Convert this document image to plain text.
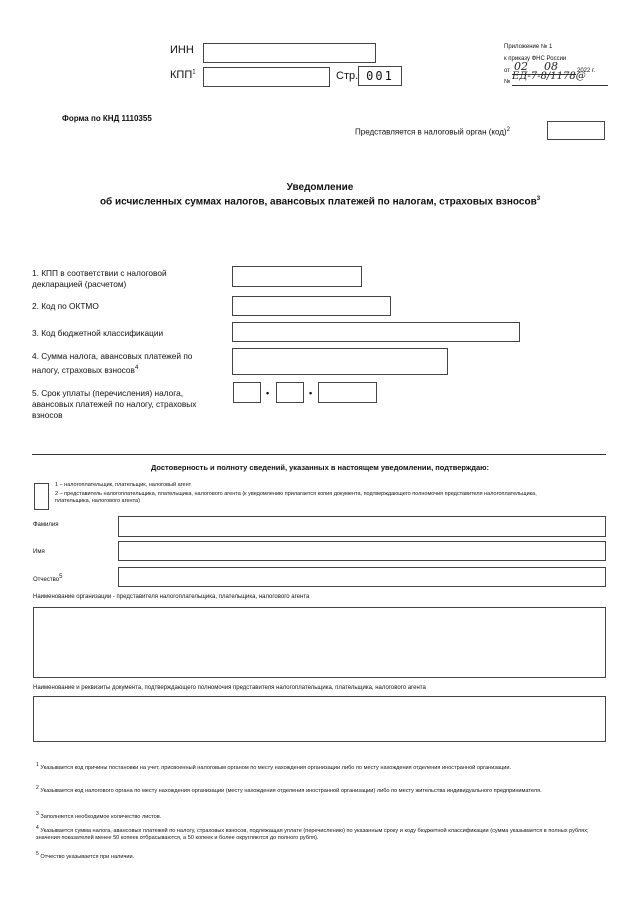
ИНН
КПП$^1$	Стр. 001
Приложение № 1
к приказу ФНС России
от 02 08	2022 г.
№ ЕД-7-8/1178@
Форма по КНД 1110355
Представляется в налоговый орган (код)$^2$
Уведомление
об исчисленных суммах налогов, авансовых платежей по налогам, страховых взносов$^3$
1. КПП в соответствии с налоговой декларацией (расчетом)
2. Код по ОКТМО
3. Код бюджетной классификации
4. Сумма налога, авансовых платежей по налогу, страховых взносов$^4$
5. Срок уплаты (перечисления) налога, авансовых платежей по налогу, страховых взносов
•	•
Достоверность и полноту сведений, указанных в настоящем уведомлении, подтверждаю:
1 – налогоплательщик, плательщик, налоговый агент
2 – представитель налогоплательщика, плательщика, налогового агента (к уведомлению прилагается копия документа, подтверждающего полномочия представителя налогоплательщика, плательщика, налогового агента)
Фамилия
Имя
Отчество$^5$
Наименование организации - представителя налогоплательщика, плательщика, налогового агента
Наименование и реквизиты документа, подтверждающего полномочия представителя налогоплательщика, плательщика, налогового агента
$^1$ Указывается код причины постановки на учет, присвоенный налоговым органом по месту нахождения организации либо по месту нахождения отделения иностранной организации.
$^2$ Указывается код налогового органа по месту нахождения организации (месту нахождения отделения иностранной организации) либо по месту жительства индивидуального предпринимателя.
$^3$ Заполняется необходимое количество листов.
$^4$ Указывается сумма налога, авансовых платежей по налогу, страховых взносов, подлежащая уплате (перечислению) по указанным сроку и коду бюджетной классификации (сумма указывается в полных рублях; значения показателей менее 50 копеек отбрасываются, а 50 копеек и более округляются до полного рубля).
$^5$ Отчество указывается при наличии.
